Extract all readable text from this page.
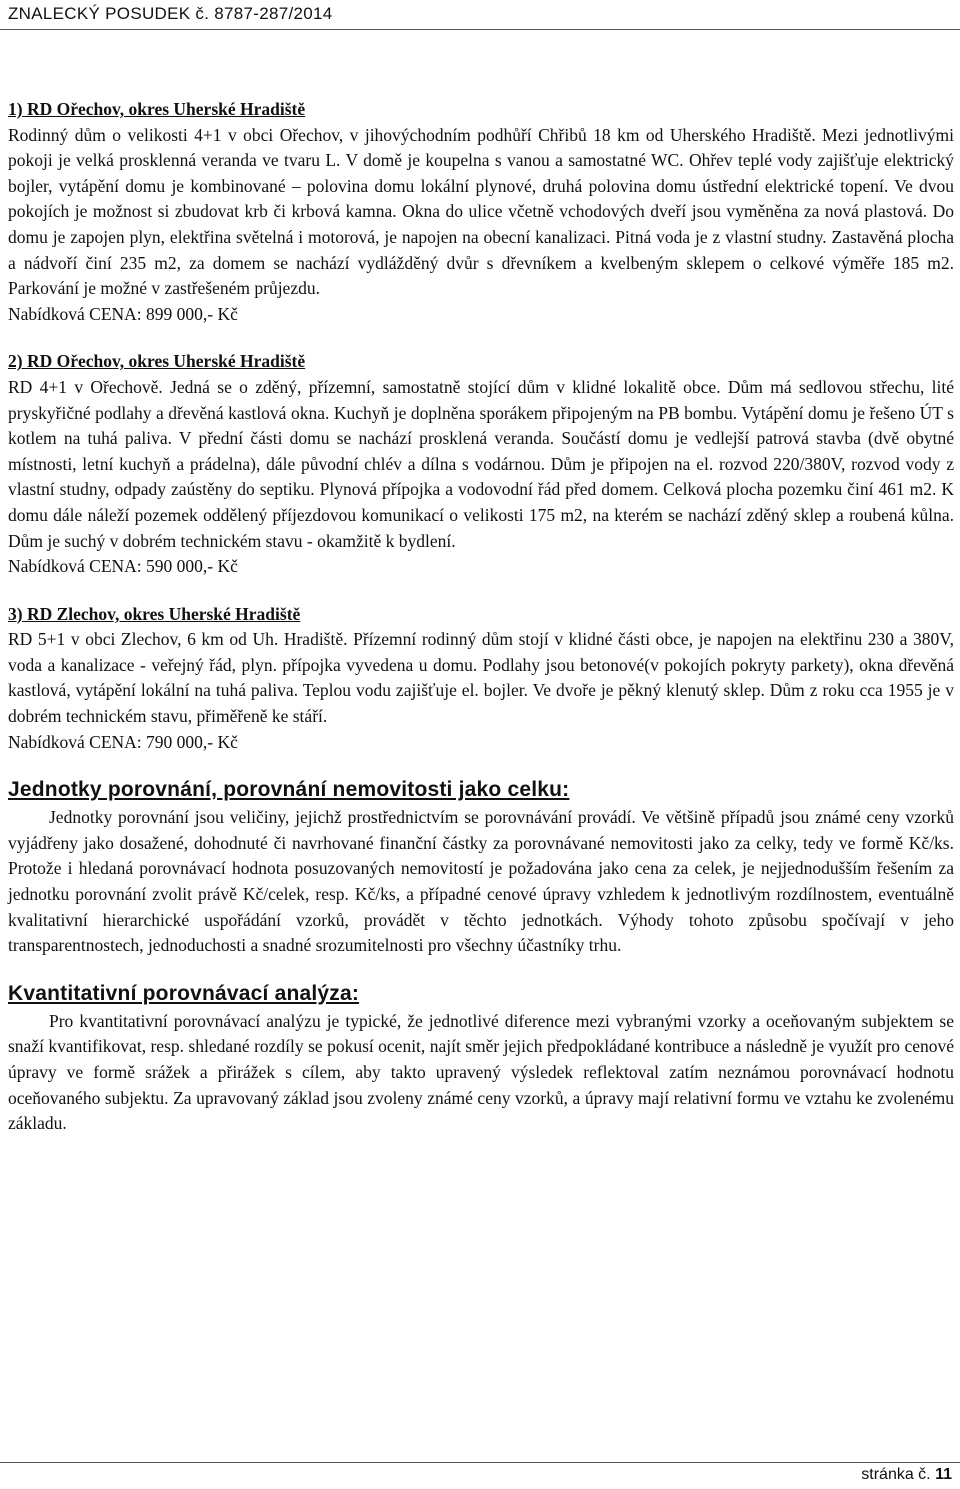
ZNALECKÝ POSUDEK č. 8787-287/2014
1) RD Ořechov, okres Uherské Hradiště

Rodinný dům o velikosti 4+1 v obci Ořechov, v jihovýchodním podhůří Chřibů 18 km od Uherského Hradiště. Mezi jednotlivými pokoji je velká prosklenná veranda ve tvaru L. V domě je koupelna s vanou a samostatné WC. Ohřev teplé vody zajišťuje elektrický bojler, vytápění domu je kombinované – polovina domu lokální plynové, druhá polovina domu ústřední elektrické topení. Ve dvou pokojích je možnost si zbudovat krb či krbová kamna. Okna do ulice včetně vchodových dveří jsou vyměněna za nová plastová. Do domu je zapojen plyn, elektřina světelná i motorová, je napojen na obecní kanalizaci. Pitná voda je z vlastní studny. Zastavěná plocha a nádvoří činí 235 m2, za domem se nachází vydlážděný dvůr s dřevníkem a kvelbeným sklepem o celkové výměře 185 m2. Parkování je možné v zastřešeném průjezdu.

Nabídková CENA: 899 000,- Kč
2) RD Ořechov, okres Uherské Hradiště

RD 4+1 v Ořechově. Jedná se o zděný, přízemní, samostatně stojící dům v klidné lokalitě obce. Dům má sedlovou střechu, lité pryskyřičné podlahy a dřevěná kastlová okna. Kuchyň je doplněna sporákem připojeným na PB bombu. Vytápění domu je řešeno ÚT s kotlem na tuhá paliva. V přední části domu se nachází prosklená veranda. Součástí domu je vedlejší patrová stavba (dvě obytné místnosti, letní kuchyň a prádelna), dále původní chlév a dílna s vodárnou. Dům je připojen na el. rozvod 220/380V, rozvod vody z vlastní studny, odpady zaústěny do septiku. Plynová přípojka a vodovodní řád před domem. Celková plocha pozemku činí 461 m2. K domu dále náleží pozemek oddělený příjezdovou komunikací o velikosti 175 m2, na kterém se nachází zděný sklep a roubená kůlna. Dům je suchý v dobrém technickém stavu - okamžitě k bydlení.

Nabídková CENA: 590 000,- Kč
3) RD Zlechov, okres Uherské Hradiště

RD 5+1 v obci Zlechov, 6 km od Uh. Hradiště. Přízemní rodinný dům stojí v klidné části obce, je napojen na elektřinu 230 a 380V, voda a kanalizace - veřejný řád, plyn. přípojka vyvedena u domu. Podlahy jsou betonové(v pokojích pokryty parkety), okna dřevěná kastlová, vytápění lokální na tuhá paliva. Teplou vodu zajišťuje el. bojler. Ve dvoře je pěkný klenutý sklep. Dům z roku cca 1955 je v dobrém technickém stavu, přiměřeně ke stáří.

Nabídková CENA: 790 000,- Kč
Jednotky porovnání, porovnání nemovitosti jako celku:

Jednotky porovnání jsou veličiny, jejichž prostřednictvím se porovnávání provádí. Ve většině případů jsou známé ceny vzorků vyjádřeny jako dosažené, dohodnuté či navrhované finanční částky za porovnávané nemovitosti jako za celky, tedy ve formě Kč/ks. Protože i hledaná porovnávací hodnota posuzovaných nemovitostí je požadována jako cena za celek, je nejjednodušším řešením za jednotku porovnání zvolit právě Kč/celek, resp. Kč/ks, a případné cenové úpravy vzhledem k jednotlivým rozdílnostem, eventuálně kvalitativní hierarchické uspořádání vzorků, provádět v těchto jednotkách. Výhody tohoto způsobu spočívají v jeho transparentnostech, jednoduchosti a snadné srozumitelnosti pro všechny účastníky trhu.

Kvantitativní porovnávací analýza:

Pro kvantitativní porovnávací analýzu je typické, že jednotlivé diference mezi vybranými vzorky a oceňovaným subjektem se snaží kvantifikovat, resp. shledané rozdíly se pokusí ocenit, najít směr jejich předpokládané kontribuce a následně je využít pro cenové úpravy ve formě srážek a přirážek s cílem, aby takto upravený výsledek reflektoval zatím neznámou porovnávací hodnotu oceňovaného subjektu. Za upravovaný základ jsou zvoleny známé ceny vzorků, a úpravy mají relativní formu ve vztahu ke zvolenému základu.

stránka č. 11
